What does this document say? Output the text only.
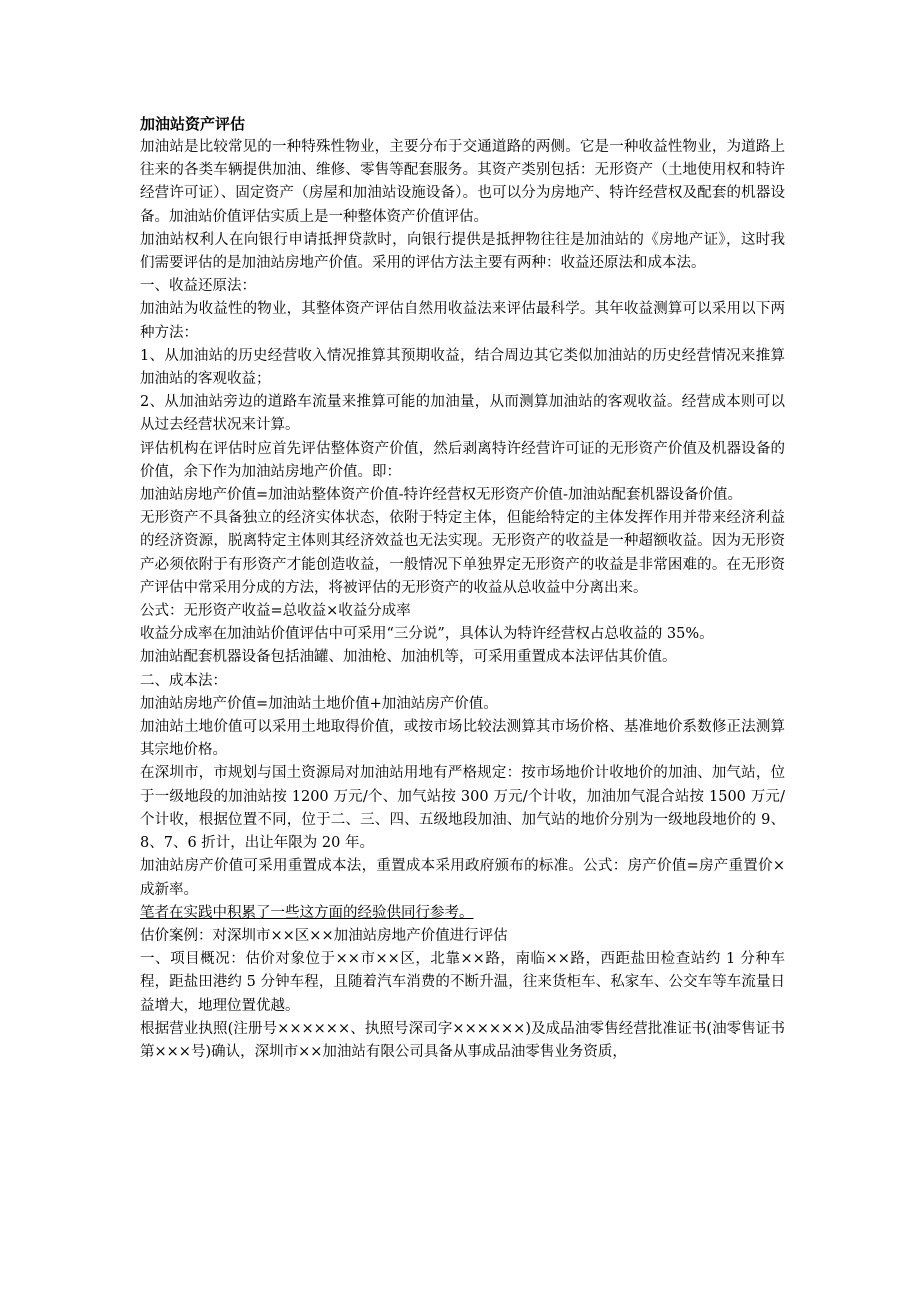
加油站资产评估

加油站是比较常见的一种特殊性物业，主要分布于交通道路的两侧。它是一种收益性物业，为道路上往来的各类车辆提供加油、维修、零售等配套服务。其资产类别包括：无形资产（土地使用权和特许经营许可证）、固定资产（房屋和加油站设施设备）。也可以分为房地产、特许经营权及配套的机器设备。加油站价值评估实质上是一种整体资产价值评估。

加油站权利人在向银行申请抵押贷款时，向银行提供是抵押物往往是加油站的《房地产证》，这时我们需要评估的是加油站房地产价值。采用的评估方法主要有两种：收益还原法和成本法。

一、收益还原法：

加油站为收益性的物业，其整体资产评估自然用收益法来评估最科学。其年收益测算可以采用以下两种方法：

1、从加油站的历史经营收入情况推算其预期收益，结合周边其它类似加油站的历史经营情况来推算加油站的客观收益；

2、从加油站旁边的道路车流量来推算可能的加油量，从而测算加油站的客观收益。经营成本则可以从过去经营状况来计算。

评估机构在评估时应首先评估整体资产价值，然后剥离特许经营许可证的无形资产价值及机器设备的价值，余下作为加油站房地产价值。即：

加油站房地产价值=加油站整体资产价值-特许经营权无形资产价值-加油站配套机器设备价值。

无形资产不具备独立的经济实体状态，依附于特定主体，但能给特定的主体发挥作用并带来经济利益的经济资源，脱离特定主体则其经济效益也无法实现。无形资产的收益是一种超额收益。因为无形资产必须依附于有形资产才能创造收益，一般情况下单独界定无形资产的收益是非常困难的。在无形资产评估中常采用分成的方法，将被评估的无形资产的收益从总收益中分离出来。

公式：无形资产收益=总收益×收益分成率

收益分成率在加油站价值评估中可采用“三分说”，具体认为特许经营权占总收益的 35%。

加油站配套机器设备包括油罐、加油枪、加油机等，可采用重置成本法评估其价值。

二、成本法：

加油站房地产价值=加油站土地价值+加油站房产价值。

加油站土地价值可以采用土地取得价值，或按市场比较法测算其市场价格、基准地价系数修正法测算其宗地价格。

在深圳市，市规划与国土资源局对加油站用地有严格规定：按市场地价计收地价的加油、加气站，位于一级地段的加油站按 1200 万元/个、加气站按 300 万元/个计收，加油加气混合站按 1500 万元/个计收，根据位置不同，位于二、三、四、五级地段加油、加气站的地价分别为一级地段地价的 9、8、7、6 折计，出让年限为 20 年。

加油站房产价值可采用重置成本法，重置成本采用政府颁布的标准。公式：房产价值=房产重置价×成新率。

笔者在实践中积累了一些这方面的经验供同行参考。

估价案例：对深圳市××区××加油站房地产价值进行评估

一、项目概况：估价对象位于××市××区，北靠××路，南临××路，西距盐田检查站约 1 分种车程，距盐田港约 5 分钟车程，且随着汽车消费的不断升温，往来货柜车、私家车、公交车等车流量日益增大，地理位置优越。

根据营业执照(注册号××××××、执照号深司字××××××)及成品油零售经营批准证书(油零售证书第×××号)确认，深圳市××加油站有限公司具备从事成品油零售业务资质，
